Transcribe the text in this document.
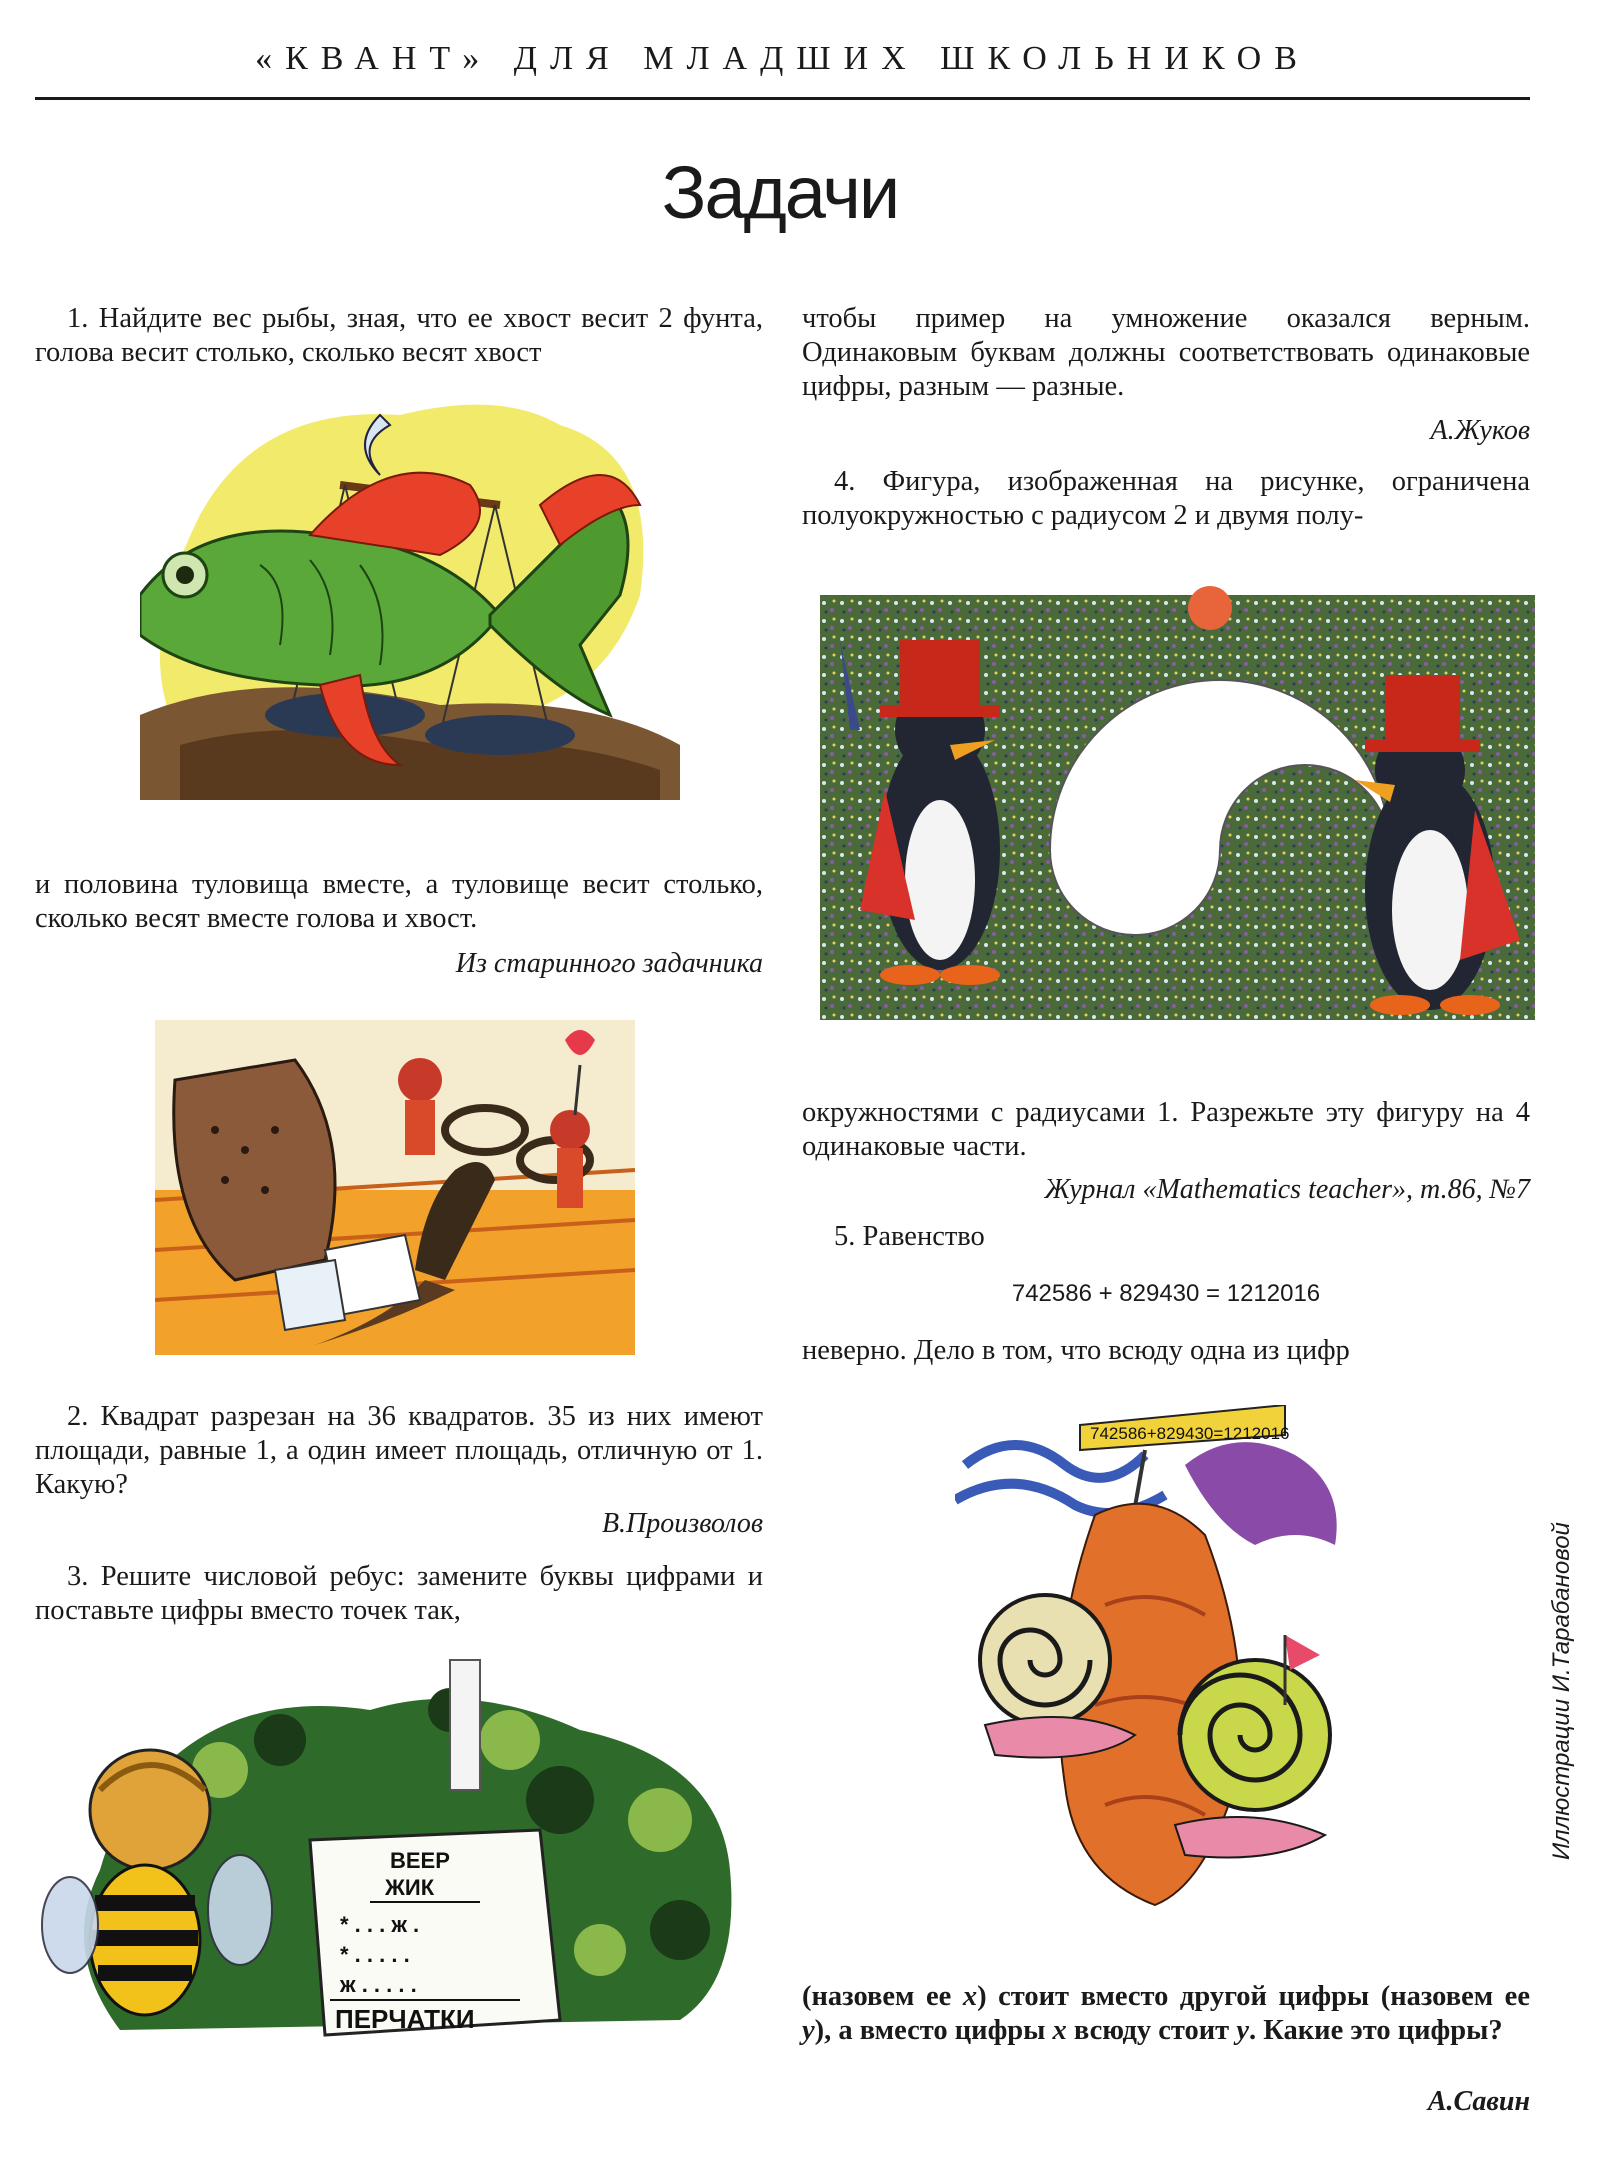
«КВАНТ» ДЛЯ МЛАДШИХ ШКОЛЬНИКОВ
Задачи

1. Найдите вес рыбы, зная, что ее хвост весит 2 фунта, голова весит столько, сколько весят хвост

и половина туловища вместе, а туловище весит столько, сколько весят вместе голова и хвост.

Из старинного задачника

2. Квадрат разрезан на 36 квадратов. 35 из них имеют площади, равные 1, а один имеет площадь, отличную от 1. Какую?

В.Произволов

3. Решите числовой ребус: замените буквы цифрами и поставьте цифры вместо точек так,

ВЕЕР
ЖИК
* . . . ж .
* . . . . .
ж . . . . .
ПЕРЧАТКИ

чтобы пример на умножение оказался верным. Одинаковым буквам должны соответствовать одинаковые цифры, разным — разные.

А.Жуков

4. Фигура, изображенная на рисунке, ограничена полуокружностью с радиусом 2 и двумя полу-

окружностями с радиусами 1. Разрежьте эту фигуру на 4 одинаковые части.

Журнал «Mathematics teacher», т.86, №7

5. Равенство

742586 + 829430 = 1212016

неверно. Дело в том, что всюду одна из цифр

742586+829430=1212016

(назовем ее x) стоит вместо другой цифры (назовем ее y), а вместо цифры x всюду стоит y. Какие это цифры?

А.Савин
Иллюстрации И.Тарабановой
